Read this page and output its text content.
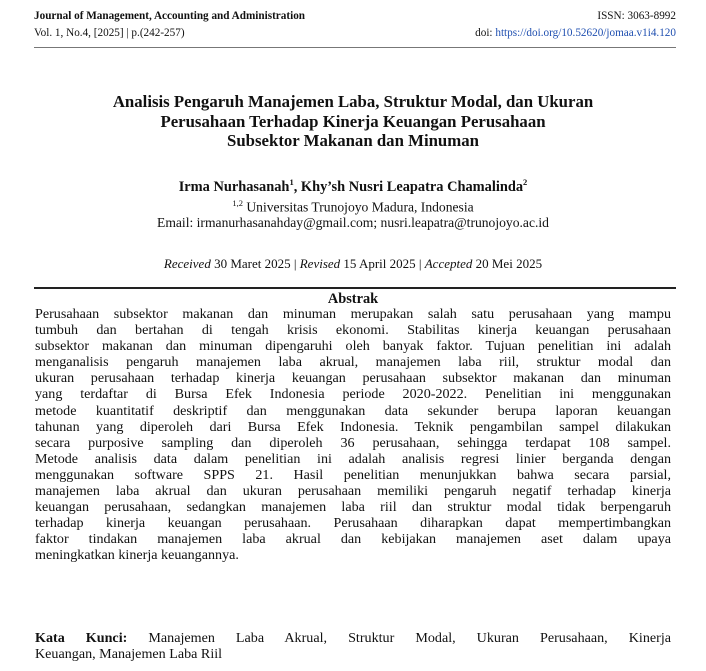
Journal of Management, Accounting and Administration
Vol. 1, No.4, [2025] | p.(242-257)
ISSN: 3063-8992
doi: https://doi.org/10.52620/jomaa.v1i4.120
Analisis Pengaruh Manajemen Laba, Struktur Modal, dan Ukuran
Perusahaan Terhadap Kinerja Keuangan Perusahaan
Subsektor Makanan dan Minuman
Irma Nurhasanah$^1$, Khy’sh Nusri Leapatra Chamalinda$^2$
$^{1,2}$ Universitas Trunojoyo Madura, Indonesia
Email: irmanurhasanahday@gmail.com; nusri.leapatra@trunojoyo.ac.id
Received 30 Maret 2025 | Revised 15 April 2025 | Accepted 20 Mei 2025
Abstrak
Perusahaan subsektor makanan dan minuman merupakan salah satu perusahaan yang mampu
tumbuh dan bertahan di tengah krisis ekonomi. Stabilitas kinerja keuangan perusahaan
subsektor makanan dan minuman dipengaruhi oleh banyak faktor. Tujuan penelitian ini adalah
menganalisis pengaruh manajemen laba akrual, manajemen laba riil, struktur modal dan
ukuran perusahaan terhadap kinerja keuangan perusahaan subsektor makanan dan minuman
yang terdaftar di Bursa Efek Indonesia periode 2020-2022. Penelitian ini menggunakan
metode kuantitatif deskriptif dan menggunakan data sekunder berupa laporan keuangan
tahunan yang diperoleh dari Bursa Efek Indonesia. Teknik pengambilan sampel dilakukan
secara purposive sampling dan diperoleh 36 perusahaan, sehingga terdapat 108 sampel.
Metode analisis data dalam penelitian ini adalah analisis regresi linier berganda dengan
menggunakan software SPPS 21. Hasil penelitian menunjukkan bahwa secara parsial,
manajemen laba akrual dan ukuran perusahaan memiliki pengaruh negatif terhadap kinerja
keuangan perusahaan, sedangkan manajemen laba riil dan struktur modal tidak berpengaruh
terhadap kinerja keuangan perusahaan. Perusahaan diharapkan dapat mempertimbangkan
faktor tindakan manajemen laba akrual dan kebijakan manajemen aset dalam upaya
meningkatkan kinerja keuangannya.
Kata Kunci: Manajemen Laba Akrual, Struktur Modal, Ukuran Perusahaan, Kinerja
Keuangan, Manajemen Laba Riil
